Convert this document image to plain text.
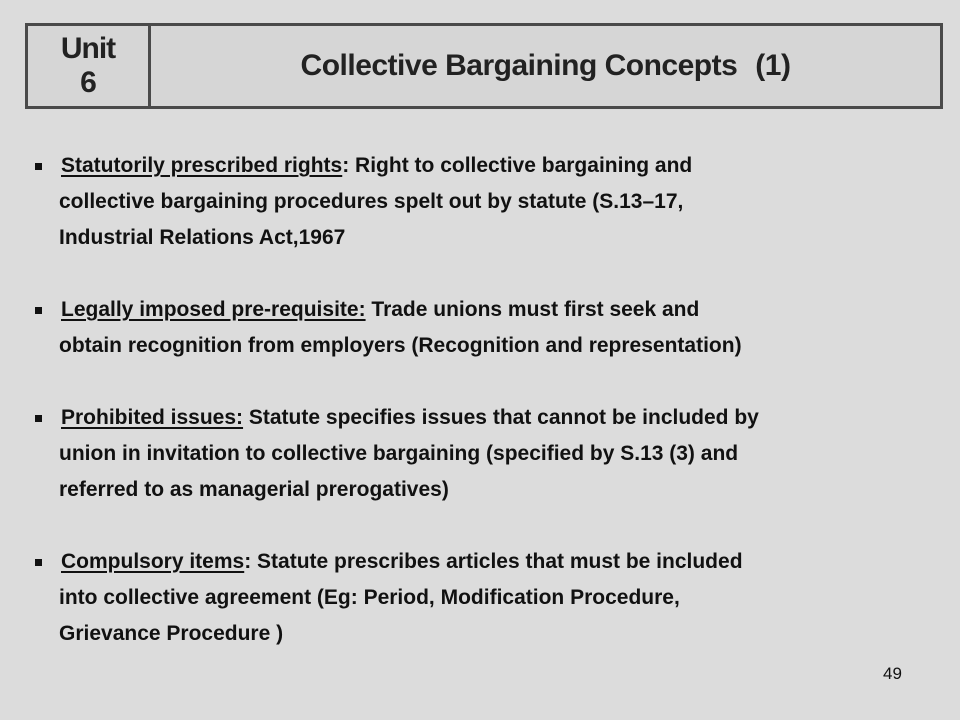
Unit
6
Collective Bargaining Concepts (1)
Statutorily prescribed rights: Right to collective bargaining and
collective bargaining procedures spelt out by statute (S.13–17,
Industrial Relations Act,1967
Legally imposed pre-requisite: Trade unions must first seek and
obtain recognition from employers (Recognition and representation)
Prohibited issues: Statute specifies issues that cannot be included by
union in invitation to collective bargaining (specified by S.13 (3) and
referred to as managerial prerogatives)
Compulsory items: Statute prescribes articles that must be included
into collective agreement (Eg: Period, Modification Procedure,
Grievance Procedure )
49
